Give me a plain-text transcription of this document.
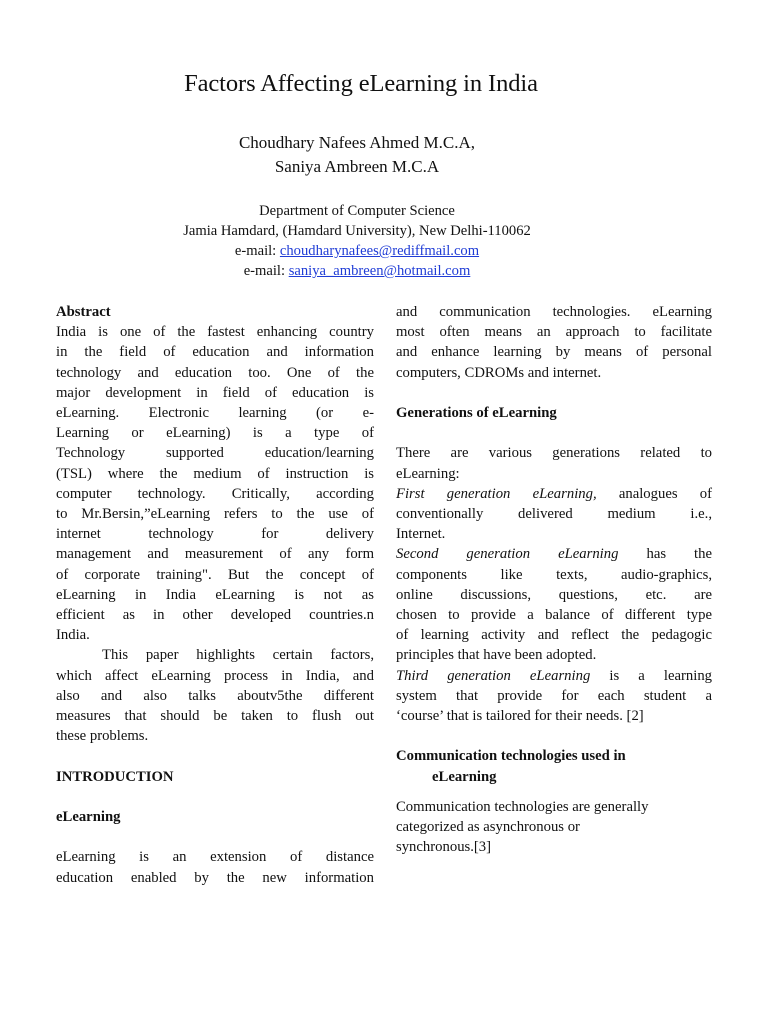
Factors Affecting eLearning in India
Choudhary Nafees Ahmed M.C.A,
Saniya Ambreen M.C.A
Department of Computer Science
Jamia Hamdard, (Hamdard University), New Delhi-110062
e-mail: choudharynafees@rediffmail.com
e-mail: saniya_ambreen@hotmail.com
Abstract
India is one of the fastest enhancing country
in the field of education and information
technology and education too. One of the
major development in field of education is
eLearning. Electronic learning (or e-
Learning or eLearning) is a type of
Technology supported education/learning
(TSL) where the medium of instruction is
computer technology. Critically, according
to Mr.Bersin,”eLearning refers to the use of
internet technology for delivery
management and measurement of any form
of corporate training". But the concept of
eLearning in India eLearning is not as
efficient as in other developed countries.n
India.
This paper highlights certain factors,
which affect eLearning process in India, and
also and also talks aboutv5the different
measures that should be taken to flush out
these problems.
INTRODUCTION
eLearning
eLearning is an extension of distance
education enabled by the new information
and communication technologies. eLearning
most often means an approach to facilitate
and enhance learning by means of personal
computers, CDROMs and internet.
Generations of eLearning
There are various generations related to
eLearning:
First generation eLearning, analogues of
conventionally delivered medium i.e.,
Internet.
Second generation eLearning has the
components like texts, audio-graphics,
online discussions, questions, etc. are
chosen to provide a balance of different type
of learning activity and reflect the pedagogic
principles that have been adopted.
Third generation eLearning is a learning
system that provide for each student a
‘course’ that is tailored for their needs. [2]
Communication technologies used in
eLearning
Communication technologies are generally
categorized as asynchronous or
synchronous.[3]
